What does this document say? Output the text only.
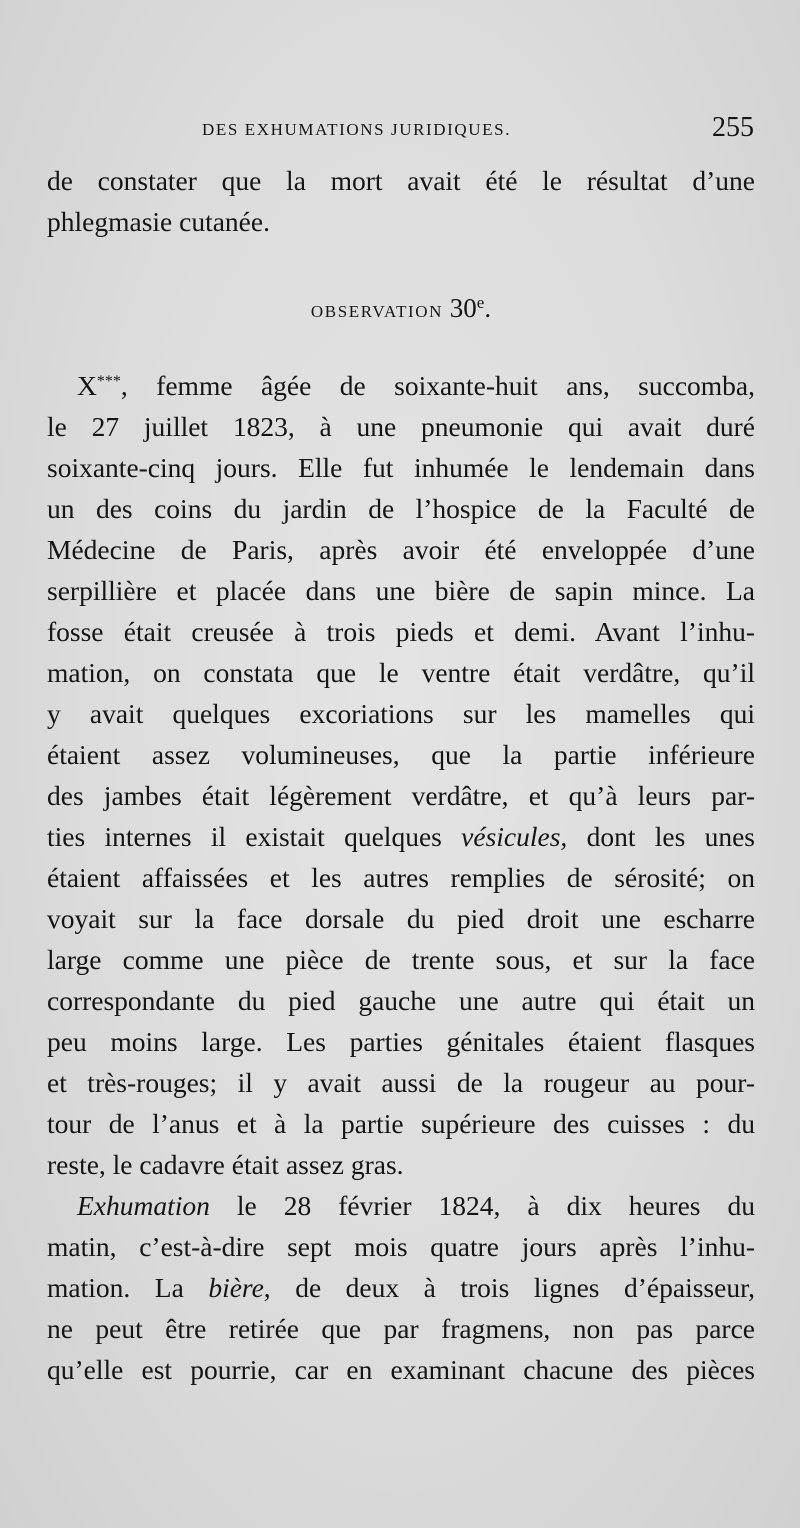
DES EXHUMATIONS JURIDIQUES.	255
de constater que la mort avait été le résultat d’une
phlegmasie cutanée.
OBSERVATION 30e.
X***, femme âgée de soixante-huit ans, succomba,
le 27 juillet 1823, à une pneumonie qui avait duré
soixante-cinq jours. Elle fut inhumée le lendemain dans
un des coins du jardin de l’hospice de la Faculté de
Médecine de Paris, après avoir été enveloppée d’une
serpillière et placée dans une bière de sapin mince. La
fosse était creusée à trois pieds et demi. Avant l’inhu-
mation, on constata que le ventre était verdâtre, qu’il
y avait quelques excoriations sur les mamelles qui
étaient assez volumineuses, que la partie inférieure
des jambes était légèrement verdâtre, et qu’à leurs par-
ties internes il existait quelques vésicules, dont les unes
étaient affaissées et les autres remplies de sérosité; on
voyait sur la face dorsale du pied droit une escharre
large comme une pièce de trente sous, et sur la face
correspondante du pied gauche une autre qui était un
peu moins large. Les parties génitales étaient flasques
et très-rouges; il y avait aussi de la rougeur au pour-
tour de l’anus et à la partie supérieure des cuisses : du
reste, le cadavre était assez gras.
Exhumation le 28 février 1824, à dix heures du
matin, c’est-à-dire sept mois quatre jours après l’inhu-
mation. La bière, de deux à trois lignes d’épaisseur,
ne peut être retirée que par fragmens, non pas parce
qu’elle est pourrie, car en examinant chacune des pièces
